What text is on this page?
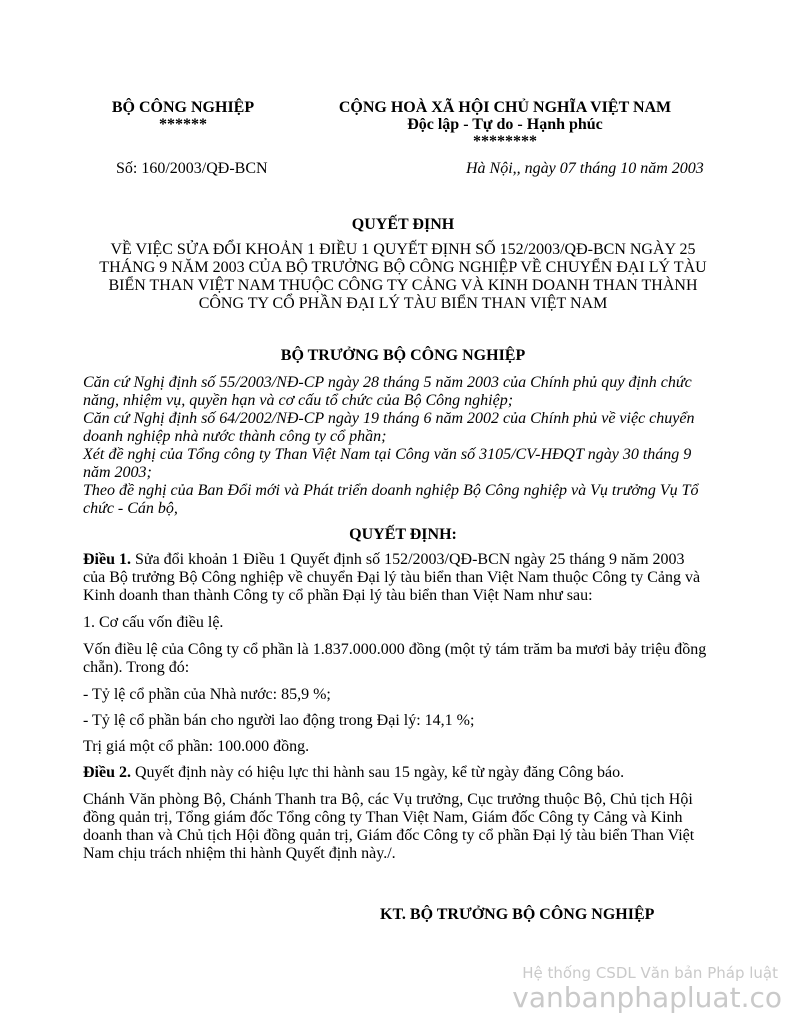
BỘ CÔNG NGHIỆP
******
CỘNG HOÀ XÃ HỘI CHỦ NGHĨA VIỆT NAM
Độc lập - Tự do - Hạnh phúc
********
Số: 160/2003/QĐ-BCN	Hà Nội,, ngày 07 tháng 10 năm 2003
QUYẾT ĐỊNH
VỀ VIỆC SỬA ĐỔI KHOẢN 1 ĐIỀU 1 QUYẾT ĐỊNH SỐ 152/2003/QĐ-BCN NGÀY 25
THÁNG 9 NĂM 2003 CỦA BỘ TRƯỞNG BỘ CÔNG NGHIỆP VỀ CHUYỂN ĐẠI LÝ TÀU
BIỂN THAN VIỆT NAM THUỘC CÔNG TY CẢNG VÀ KINH DOANH THAN THÀNH
CÔNG TY CỔ PHẦN ĐẠI LÝ TÀU BIỂN THAN VIỆT NAM
BỘ TRƯỞNG BỘ CÔNG NGHIỆP
Căn cứ Nghị định số 55/2003/NĐ-CP ngày 28 tháng 5 năm 2003 của Chính phủ quy định chức
năng, nhiệm vụ, quyền hạn và cơ cấu tổ chức của Bộ Công nghiệp;
Căn cứ Nghị định số 64/2002/NĐ-CP ngày 19 tháng 6 năm 2002 của Chính phủ về việc chuyển
doanh nghiệp nhà nước thành công ty cổ phần;
Xét đề nghị của Tổng công ty Than Việt Nam tại Công văn số 3105/CV-HĐQT ngày 30 tháng 9
năm 2003;
Theo đề nghị của Ban Đổi mới và Phát triển doanh nghiệp Bộ Công nghiệp và Vụ trưởng Vụ Tổ
chức - Cán bộ,
QUYẾT ĐỊNH:
Điều 1. Sửa đổi khoản 1 Điều 1 Quyết định số 152/2003/QĐ-BCN ngày 25 tháng 9 năm 2003
của Bộ trưởng Bộ Công nghiệp về chuyển Đại lý tàu biển than Việt Nam thuộc Công ty Cảng và
Kinh doanh than thành Công ty cổ phần Đại lý tàu biển than Việt Nam như sau:
1. Cơ cấu vốn điều lệ.
Vốn điều lệ của Công ty cổ phần là 1.837.000.000 đồng (một tỷ tám trăm ba mươi bảy triệu đồng
chẵn). Trong đó:
- Tỷ lệ cổ phần của Nhà nước: 85,9 %;
- Tỷ lệ cổ phần bán cho người lao động trong Đại lý: 14,1 %;
Trị giá một cổ phần: 100.000 đồng.
Điều 2. Quyết định này có hiệu lực thi hành sau 15 ngày, kể từ ngày đăng Công báo.
Chánh Văn phòng Bộ, Chánh Thanh tra Bộ, các Vụ trưởng, Cục trưởng thuộc Bộ, Chủ tịch Hội
đồng quản trị, Tổng giám đốc Tổng công ty Than Việt Nam, Giám đốc Công ty Cảng và Kinh
doanh than và Chủ tịch Hội đồng quản trị, Giám đốc Công ty cổ phần Đại lý tàu biển Than Việt
Nam chịu trách nhiệm thi hành Quyết định này./.
KT. BỘ TRƯỞNG BỘ CÔNG NGHIỆP
Hệ thống CSDL Văn bản Pháp luật
vanbanphapluat.co
